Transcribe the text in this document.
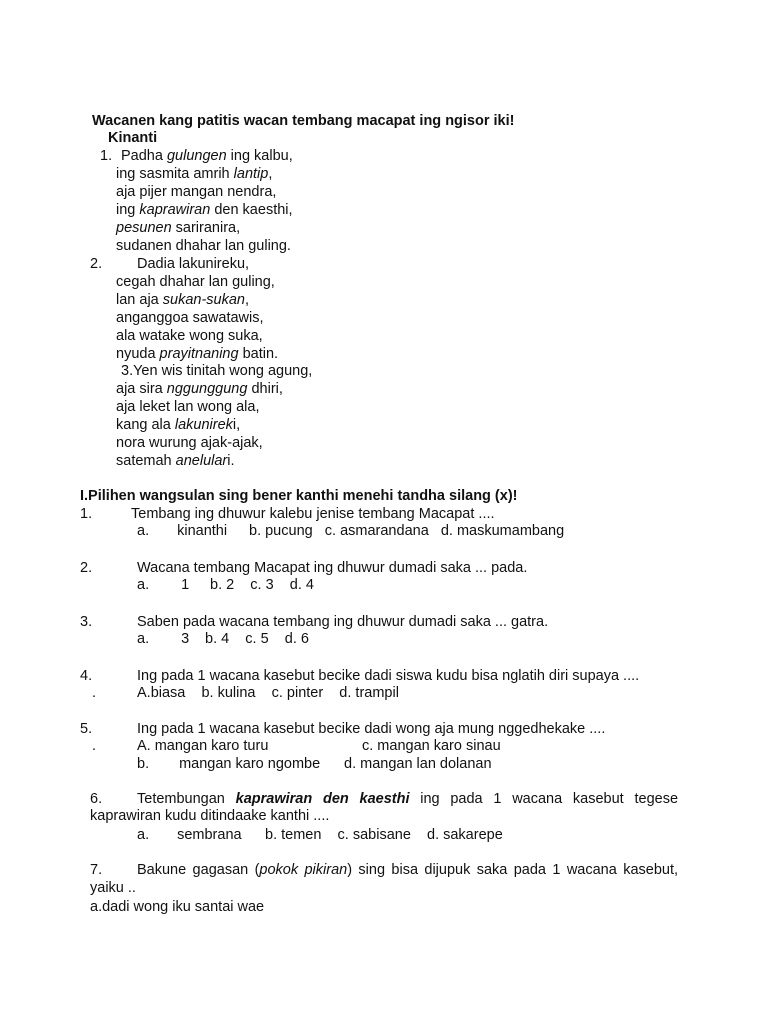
Wacanen kang patitis wacan tembang macapat ing ngisor iki!
Kinanti
1. Padha gulungen ing kalbu,
ing sasmita amrih lantip,
aja pijer mangan nendra,
ing kaprawiran den kaesthi,
pesunen sariranira,
sudanen dhahar lan guling.
2. Dadia lakunireku,
cegah dhahar lan guling,
lan aja sukan-sukan,
anganggoa sawatawis,
ala watake wong suka,
nyuda prayitnaning batin.
3.Yen wis tinitah wong agung,
aja sira nggunggung dhiri,
aja leket lan wong ala,
kang ala lakunireki,
nora wurung ajak-ajak,
satemah anelulari.
I.Pilihen wangsulan sing bener kanthi menehi tandha silang (x)!
1.	Tembang ing dhuwur kalebu jenise tembang Macapat ....
a. kinanthi b. pucung   c. asmarandana   d. maskumambang
2.	Wacana tembang Macapat ing dhuwur dumadi saka ... pada.
a. 1 b. 2    c. 3    d. 4
3.	Saben pada wacana tembang ing dhuwur dumadi saka ... gatra.
a. 3 b. 4    c. 5    d. 6
4.	Ing pada 1 wacana kasebut becike dadi siswa kudu bisa nglatih diri supaya ....
.	A.biasa    b. kulina    c. pinter    d. trampil
5.	Ing pada 1 wacana kasebut becike dadi wong aja mung nggedhekake ....
.	A. mangan karo turu	c. mangan karo sinau
b. mangan karo ngombe d. mangan lan dolanan
6. Tetembungan kaprawiran den kaesthi ing pada 1 wacana kasebut tegese
kaprawiran kudu ditindaake kanthi ....
a. sembrana b. temen    c. sabisane    d. sakarepe
7. Bakune gagasan (pokok pikiran) sing bisa dijupuk saka pada 1 wacana kasebut,
yaiku ..
a.dadi wong iku santai wae
